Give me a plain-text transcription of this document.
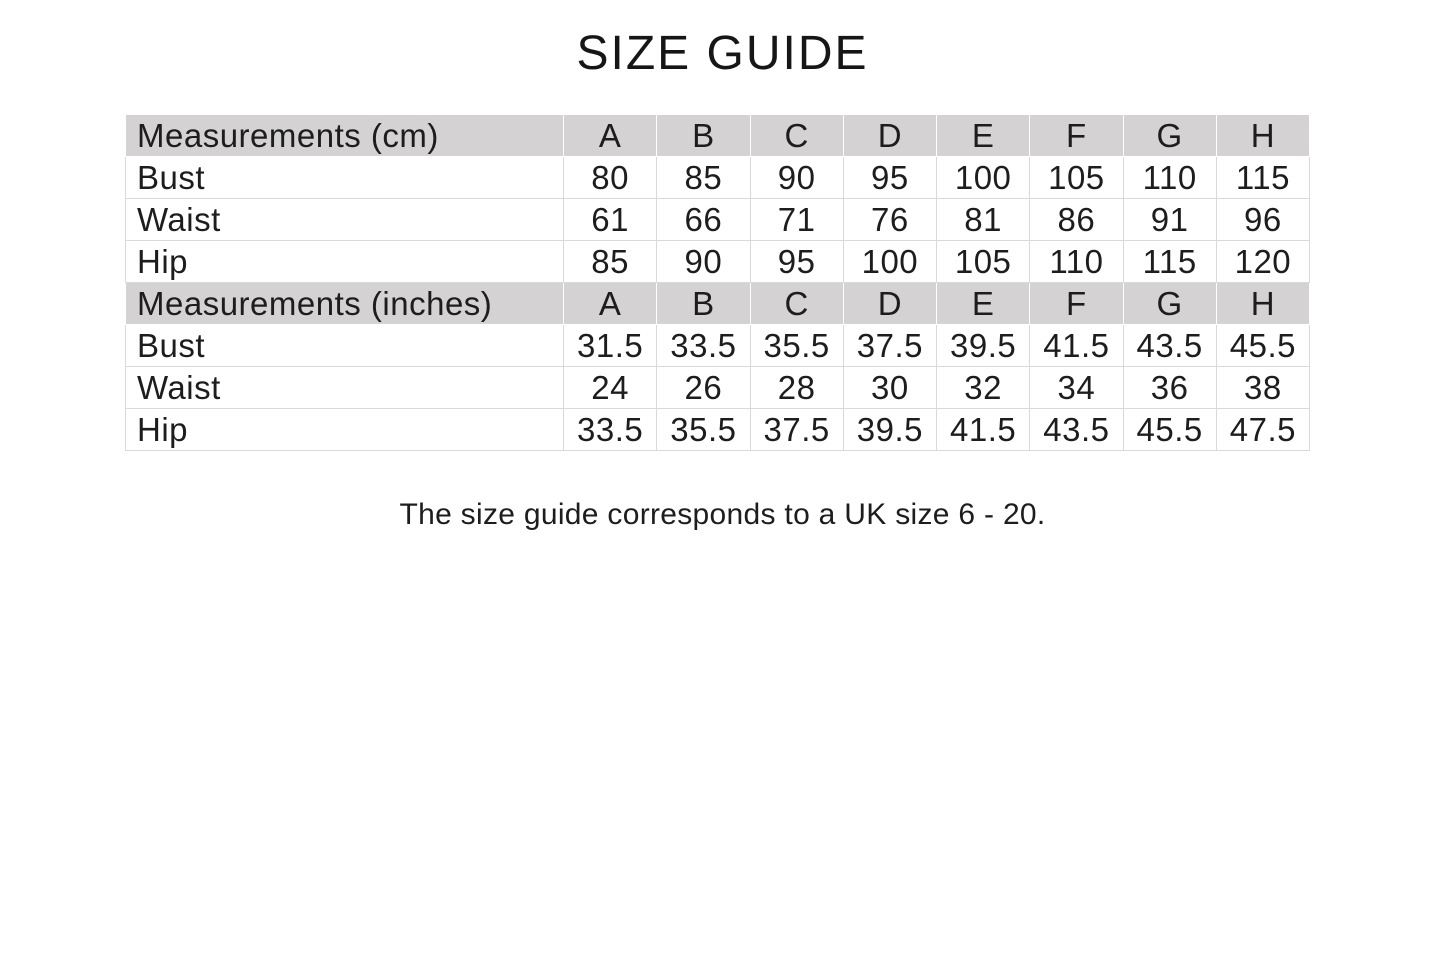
SIZE GUIDE
Measurements (cm)	A	B	C	D	E	F	G	H
Bust	80	85	90	95	100	105	110	115
Waist	61	66	71	76	81	86	91	96
Hip	85	90	95	100	105	110	115	120
Measurements (inches)	A	B	C	D	E	F	G	H
Bust	31.5	33.5	35.5	37.5	39.5	41.5	43.5	45.5
Waist	24	26	28	30	32	34	36	38
Hip	33.5	35.5	37.5	39.5	41.5	43.5	45.5	47.5
The size guide corresponds to a UK size 6 - 20.
